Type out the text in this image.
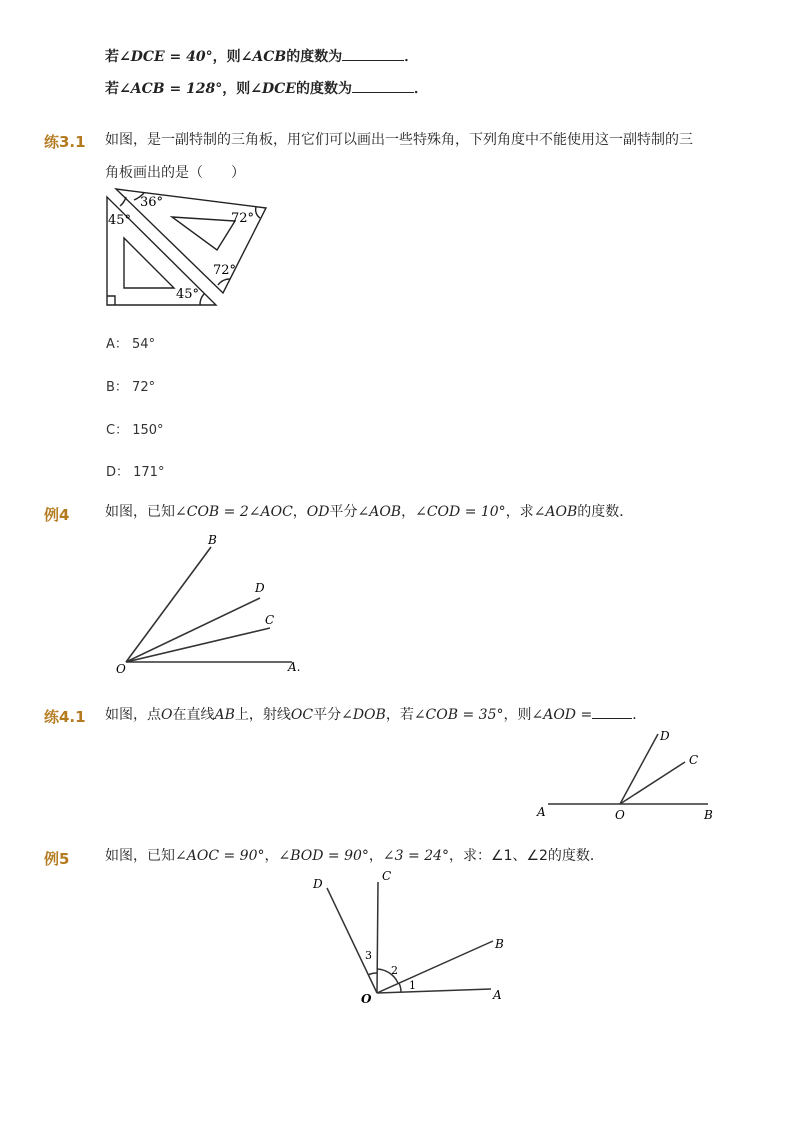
若∠DCE = 40°，则∠ACB的度数为	．
若∠ACB = 128°，则∠DCE的度数为	．
练3.1 如图，是一副特制的三角板，用它们可以画出一些特殊角，下列角度中不能使用这一副特制的三
角板画出的是（　　）
36°
45°	72°
72°
45°
A： 54°
B： 72°
C： 150°
D： 171°
例4	如图，已知∠COB = 2∠AOC，OD平分∠AOB，∠COD = 10°，求∠AOB的度数．
B
D
C
O	A.
练4.1 如图，点O在直线AB上，射线OC平分∠DOB，若∠COB = 35°，则∠AOD =	．
D
C
A	O	B
例5	如图，已知∠AOC = 90°，∠BOD = 90°，∠3 = 24°，求：∠1、∠2的度数．
D
C
B
A
O
3
2
1
